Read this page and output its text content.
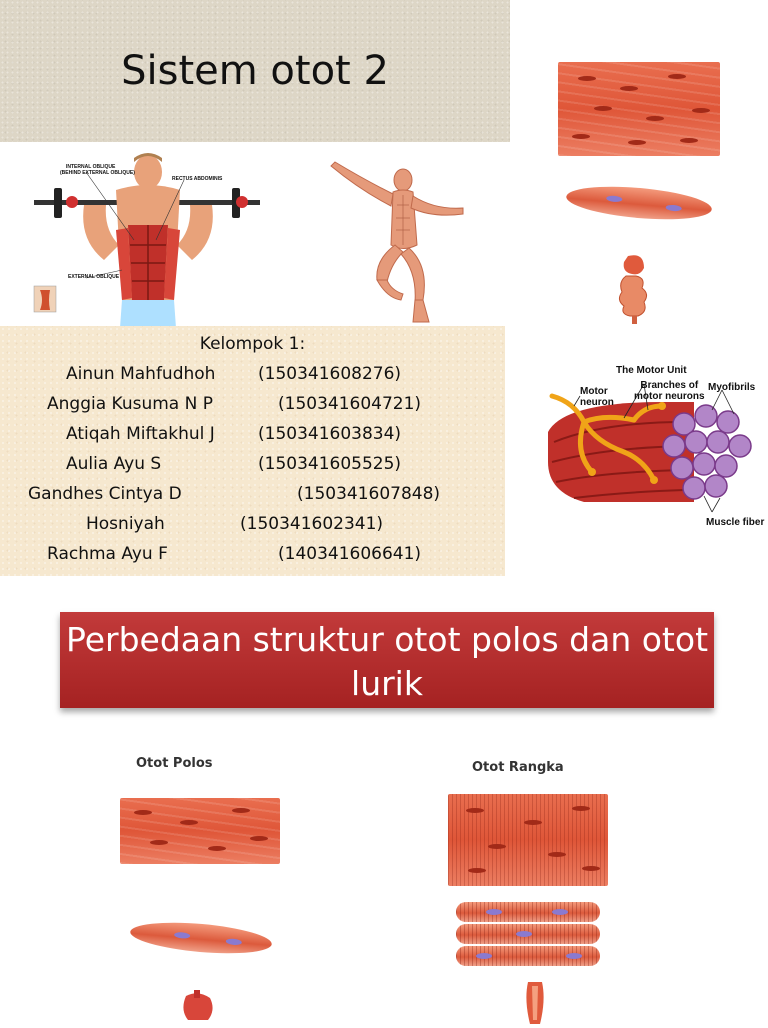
Sistem otot 2
INTERNAL OBLIQUE
(BEHIND EXTERNAL OBLIQUE)
RECTUS ABDOMINIS
EXTERNAL OBLIQUE
Kelompok 1:
Ainun Mahfudhoh	(150341608276)
Anggia Kusuma N P	(150341604721)
Atiqah Miftakhul J	(150341603834)
Aulia Ayu S	(150341605525)
Gandhes Cintya D	(150341607848)
Hosniyah	(150341602341)
Rachma Ayu F	(140341606641)
The Motor Unit
Motor
neuron
Branches of
motor neurons
Myofibrils
Muscle fiber
Perbedaan struktur otot polos dan otot lurik
Otot Polos	Otot Rangka
